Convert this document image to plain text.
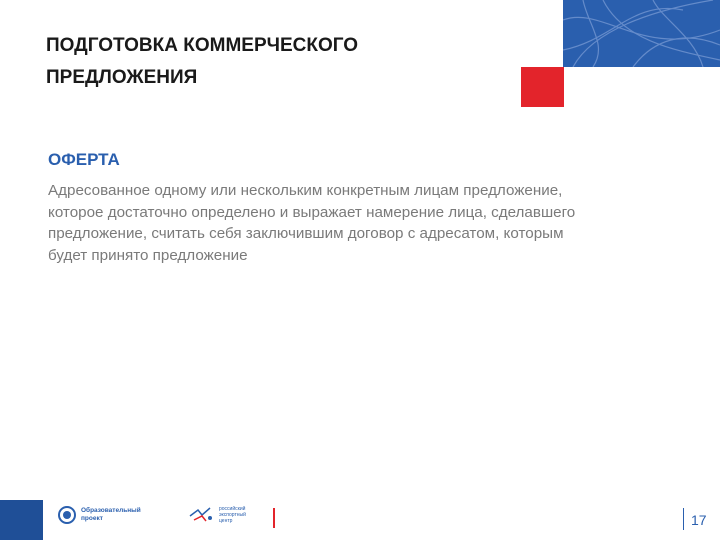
ПОДГОТОВКА КОММЕРЧЕСКОГО
ПРЕДЛОЖЕНИЯ
ОФЕРТА
Адресованное одному или нескольким конкретным лицам предложение,
которое достаточно определено и выражает намерение лица, сделавшего
предложение, считать себя заключившим договор с адресатом, которым
будет принято предложение
Образовательный
проект
российский
экспортный
центр	17
